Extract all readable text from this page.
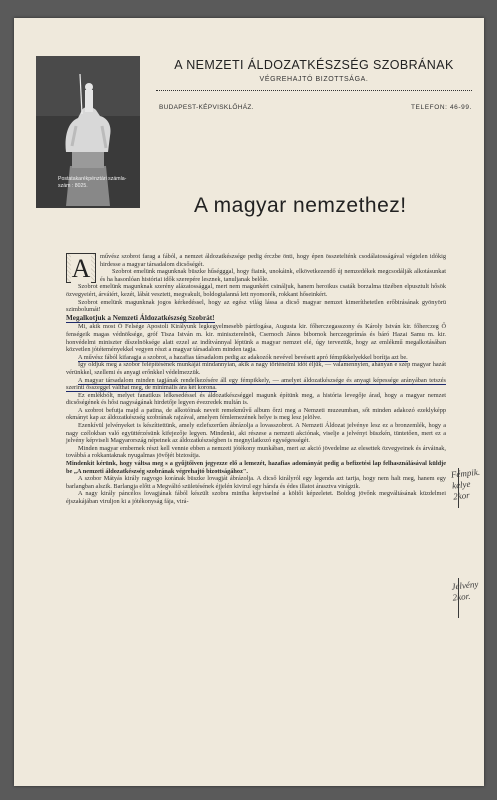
Postatakarékpénztári számla-szám : 8025.
A NEMZETI ÁLDOZATKÉSZSÉG SZOBRÁNAK
VÉGREHAJTÓ BIZOTTSÁGA.
BUDAPEST-KÉPVISKLŐHÁZ.	TELEFON: 46-99.
A magyar nemzethez!

A	művész szobrot farag a fából, a nemzet áldozatkészsége pedig érczbe önti, hogy épen összetelténk csodálatosságával végtelen idókig hirdesse a magyar társadalom dicsőségét.

Szobrot emelünk magunknak büszke hűségggal, hogy fiaink, unokáink, elkövetkezendő új nemzedékek megcsodálják alkotásunkat és ha hasonlóan históriai idők szerepére lesznek, tanuljanak belőle.

Szobrot emelünk magunknak szerény alázatossággal, mert nem magunkért csináljuk, hanem heroikus csaták borzalma tüzében elpusztult hősök özvegyeiért, árváiért, kezét, lábát vesztett, megvakult, boldogtalanná lett nyomorék, rokkant hőseinkért.

Szobrot emelünk magunknak jogos kérkedéssel, hogy az egész világ lássa a dicső magyar nemzet kimeríthetetlen erőbirásának gyönyörü szimbolumát!

Megalkotjuk a Nemzeti Áldozatkészség Szobrát!

Mi, akik most Ő Felsége Apostoli Királyunk legkegyelmesebb pártfogása, Augusta kir. főherczegasszony és Károly István kir. főherczeg Ő fenségeik magas védnöksége, gróf Tisza István m. kir. miniszterelnök, Csernoch János bibornok herczegprímás és báró Hazai Samu m. kir. honvédelmi miniszter díszelnöksége alatt ezzel az indítvánnyal léptünk a magyar nemzet elé, úgy terveztük, hogy az emlékmű megalkotásában közvetlen jótéteményekkel vegyen részt a magyar társadalom minden tagja.

A művész fából kifaragja a szobrot, a hazafias társadalom pedig az adakozók nevével bevésett apró fémpikkelyekkel borítja azt be.

Igy oldjuk meg a szobor felépítésének munkáját mindannyian, akik a nagy történelmi időt éljük, — valamennyien, ahányan e szép magyar hazát vérünkkel, szellemi és anyagi erőnkkel védelmezzük.

A magyar társadalom minden tagjának rendelkezésére áll egy fémpikkely, — amelyet áldozatkészsége és anyagi képessége arányában tetszés szerinti összeggel válthat meg, de minimális ára két korona.

Ez emlékbólt, melyet fanatikus lelkesedéssel és áldozatkészséggel magunk építünk meg, a história levegője árad, hogy a magyar nemzet dicsőségének és hősi nagyságának hirdetője legyen évezredek multán is.

A szobrot befutja majd a patina, de alkotóinak neveit remekművű album őrzi meg a Nemzeti muzeumban, sőt minden adakozó ezeklyképp okmányt kap az áldozatkészség szobrának rajzával, amelyen fémlemezének helye is meg lesz jelölve.

Ezenkívül jelvényeket is készíttettünk, amely ezlefszerűen ábrázolja a lovasszobrot. A Nemzeti Áldozat jelvénye lesz ez a bronzemlék, hogy a nagy czélokban való együttérzésünk kifejezője legyen. Mindenki, aki részese a nemzeti akciónak, viselje a jelvényt büszkén, tüntetően, mert ez a jelvény képviseli Magyarország népeinek az áldozatkészségben is megnyilatkozó egységességét.

Minden magyar embernek részt kell vennie ebben a nemzeti jótékony munkában, mert az akció jövedelme az elesettek özvegyeinek és árváinak, továbbá a rokkantaknak nyugalmas jövőjét biztosítja.

Mindenkit kérünk, hogy váltsa meg s a gyűjtőiven jegyezze elő a lemezét, hazafias adományát pedig a befizetési lap felhasználásával küldje be „A nemzeti áldozatkészség szobrának végrehajtó bizottságához".

A szobor Mátyás király ragyogo korának büszke lovagját ábrázolja. A dicső királyról egy legenda azt tartja, hogy nem halt meg, hanem egy barlangban alszik. Barlangja előtt a Megváltó születésének éjjelén kivirul egy hársfa és édes illatot árasztva virágzik.

A nagy király páncélos lovagjának fából készült szobra mintha képviselné a költői képzeletet. Boldog jövőnk megváltásának küzdelmei éjszakájában viruljon ki a jótékonyság fája, virá-

Fémpik. kelye 2kor
Jelvény 2kor.
